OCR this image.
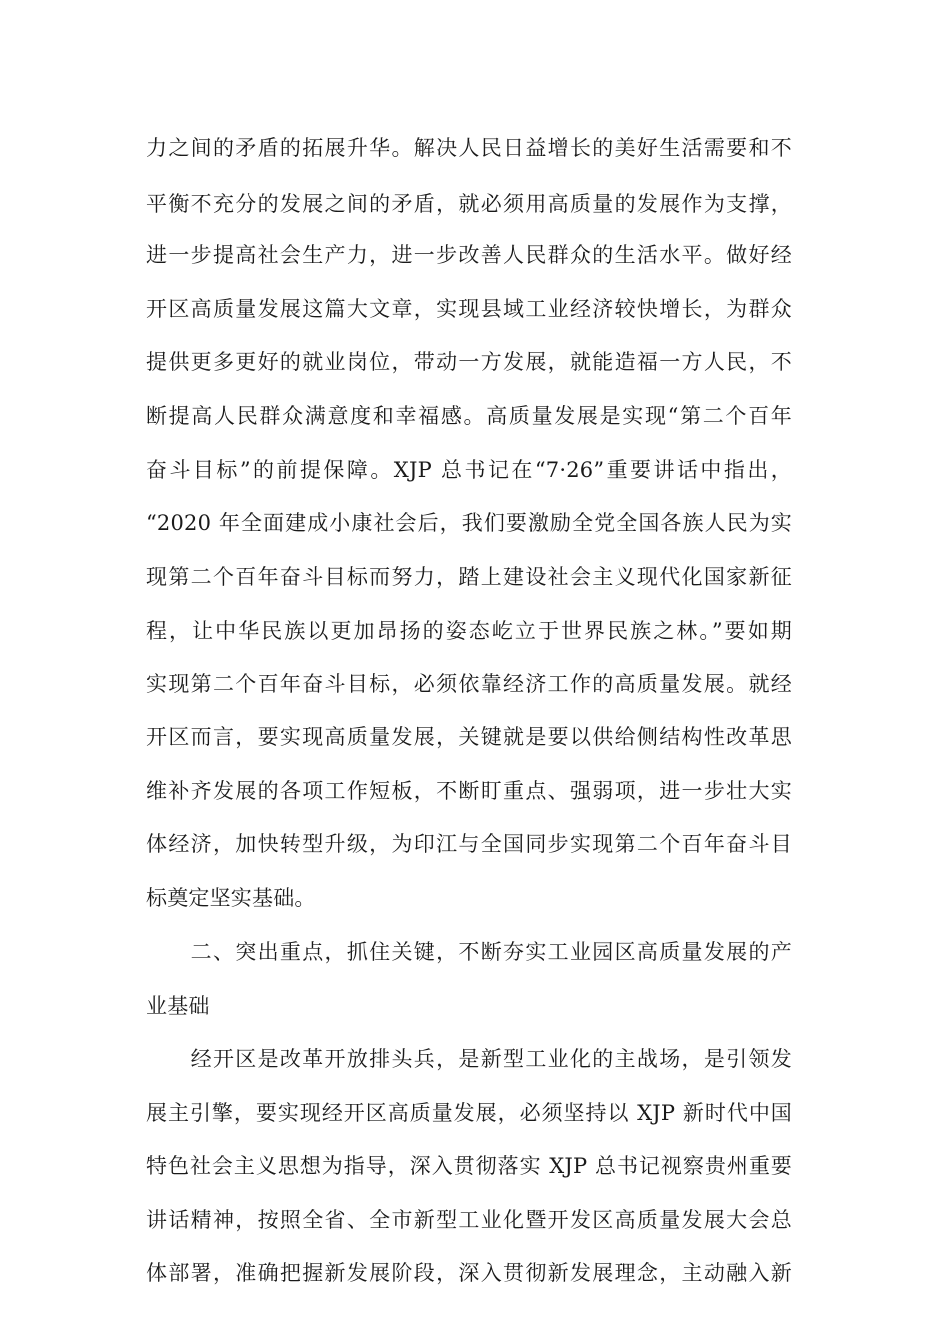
力之间的矛盾的拓展升华。解决人民日益增长的美好生活需要和不
平衡不充分的发展之间的矛盾，就必须用高质量的发展作为支撑，
进一步提高社会生产力，进一步改善人民群众的生活水平。做好经
开区高质量发展这篇大文章，实现县域工业经济较快增长，为群众
提供更多更好的就业岗位，带动一方发展，就能造福一方人民，不
断提高人民群众满意度和幸福感。高质量发展是实现“第二个百年
奋斗目标”的前提保障。XJP 总书记在“7·26”重要讲话中指出，
“2020 年全面建成小康社会后，我们要激励全党全国各族人民为实
现第二个百年奋斗目标而努力，踏上建设社会主义现代化国家新征
程，让中华民族以更加昂扬的姿态屹立于世界民族之林。”要如期
实现第二个百年奋斗目标，必须依靠经济工作的高质量发展。就经
开区而言，要实现高质量发展，关键就是要以供给侧结构性改革思
维补齐发展的各项工作短板，不断盯重点、强弱项，进一步壮大实
体经济，加快转型升级，为印江与全国同步实现第二个百年奋斗目
标奠定坚实基础。
　　二、突出重点，抓住关键，不断夯实工业园区高质量发展的产
业基础
　　经开区是改革开放排头兵，是新型工业化的主战场，是引领发
展主引擎，要实现经开区高质量发展，必须坚持以 XJP 新时代中国
特色社会主义思想为指导，深入贯彻落实 XJP 总书记视察贵州重要
讲话精神，按照全省、全市新型工业化暨开发区高质量发展大会总
体部署，准确把握新发展阶段，深入贯彻新发展理念，主动融入新
